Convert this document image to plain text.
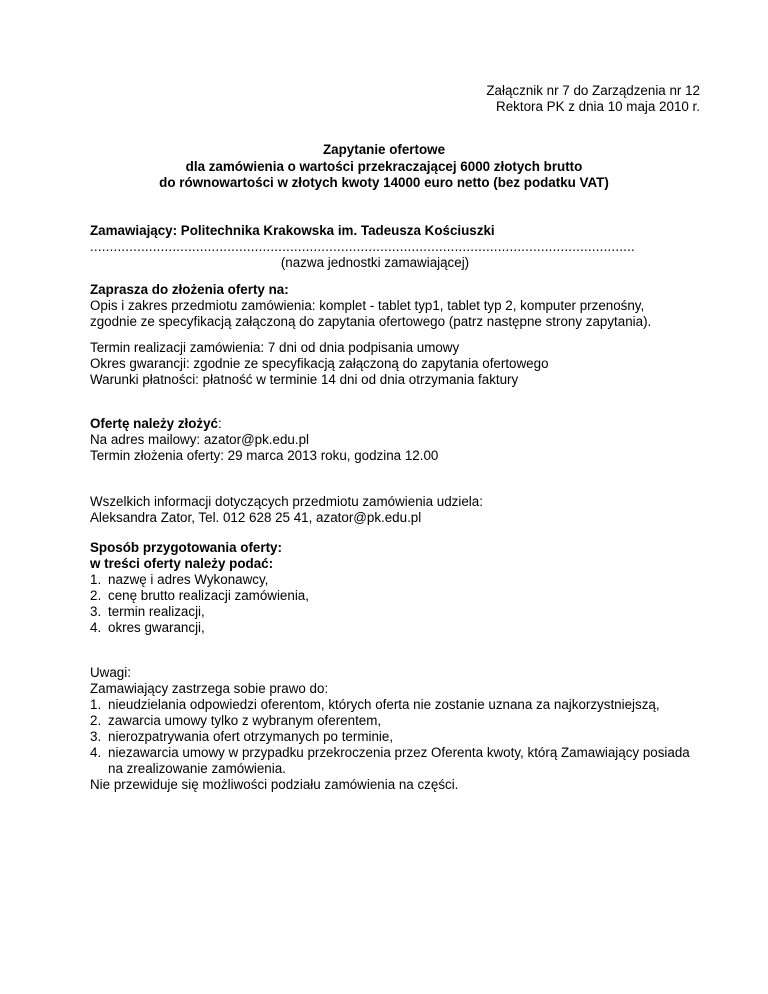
Załącznik nr 7 do Zarządzenia nr 12
Rektora PK z dnia 10 maja 2010 r.
Zapytanie ofertowe
dla zamówienia o wartości przekraczającej 6000 złotych brutto
do równowartości w złotych kwoty 14000 euro netto (bez podatku VAT)
Zamawiający: Politechnika Krakowska im. Tadeusza Kościuszki
...........................................................................................................................................
(nazwa jednostki zamawiającej)
Zaprasza do złożenia oferty na:
Opis i zakres przedmiotu zamówienia: komplet - tablet typ1, tablet typ 2, komputer przenośny,
zgodnie ze specyfikacją załączoną do zapytania ofertowego (patrz następne strony zapytania).
Termin realizacji zamówienia: 7 dni od dnia podpisania umowy
Okres gwarancji: zgodnie ze specyfikacją załączoną do zapytania ofertowego
Warunki płatności: płatność w terminie 14 dni od dnia otrzymania faktury
Ofertę należy złożyć:
Na adres mailowy: azator@pk.edu.pl
Termin złożenia oferty: 29 marca 2013 roku, godzina 12.00
Wszelkich informacji dotyczących przedmiotu zamówienia udziela:
Aleksandra Zator, Tel. 012 628 25 41, azator@pk.edu.pl
Sposób przygotowania oferty:
w treści oferty należy podać:
1. nazwę i adres Wykonawcy,
2. cenę brutto realizacji zamówienia,
3. termin realizacji,
4. okres gwarancji,
Uwagi:
Zamawiający zastrzega sobie prawo do:
1. nieudzielania odpowiedzi oferentom, których oferta nie zostanie uznana za najkorzystniejszą,
2. zawarcia umowy tylko z wybranym oferentem,
3. nierozpatrywania ofert otrzymanych po terminie,
4. niezawarcia umowy w przypadku przekroczenia przez Oferenta kwoty, którą Zamawiający posiada na zrealizowanie zamówienia.
Nie przewiduje się możliwości podziału zamówienia na części.
